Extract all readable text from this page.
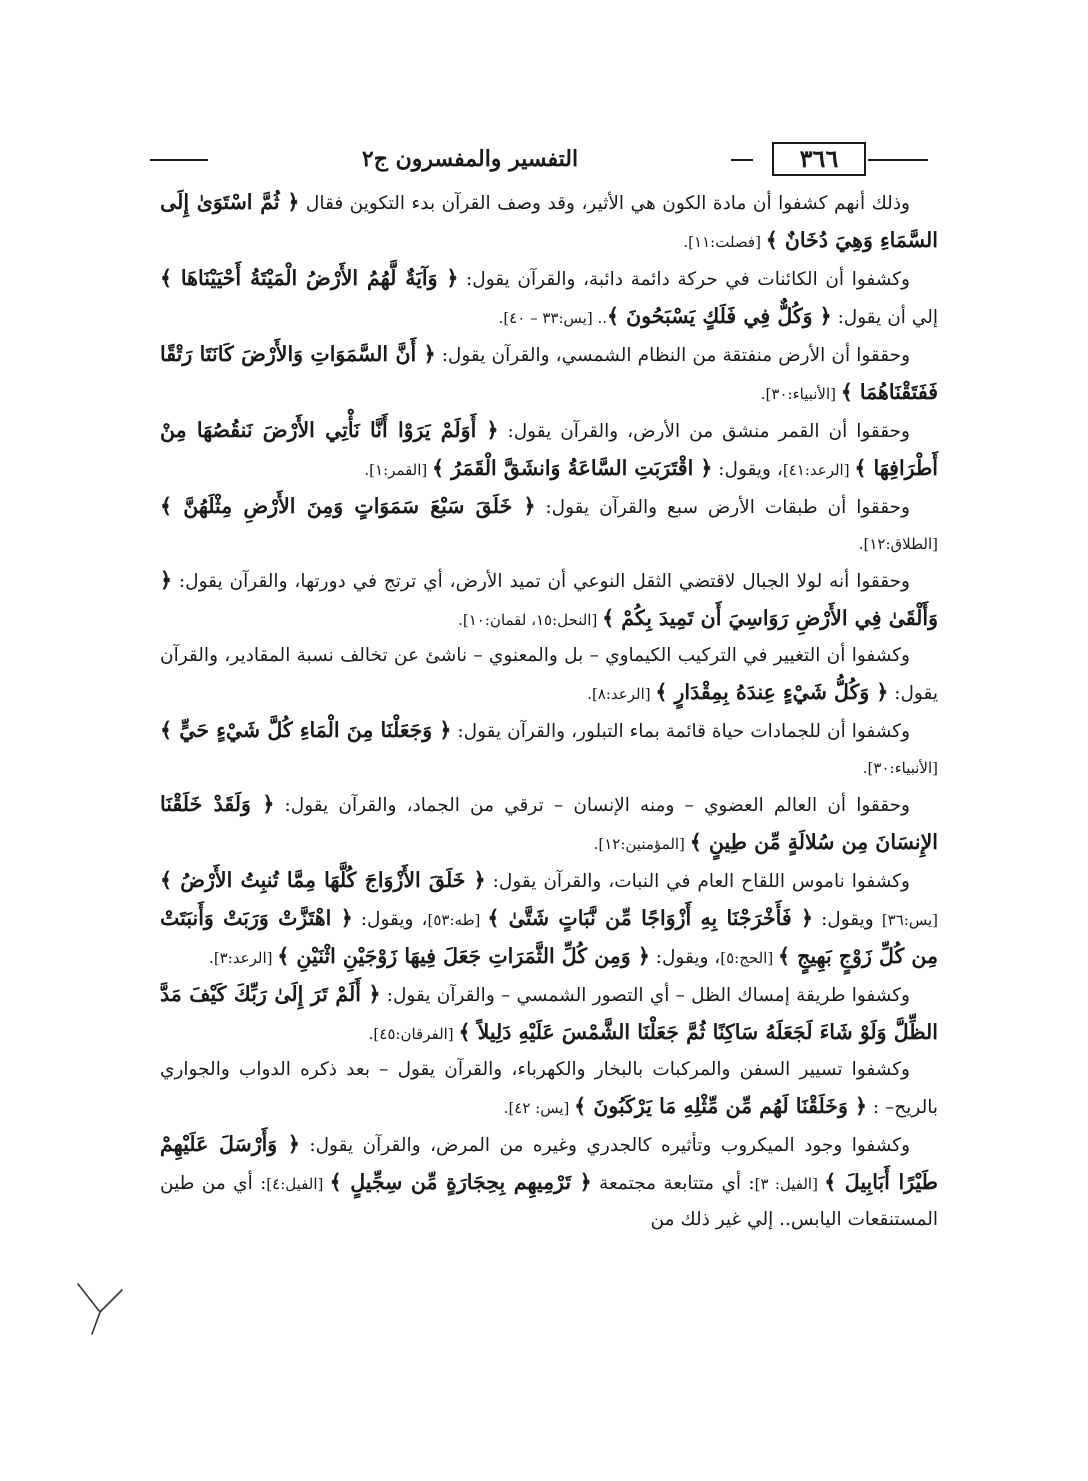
٣٦٦
التفسير والمفسرون ج٢

وذلك أنهم كشفوا أن مادة الكون هي الأثير، وقد وصف القرآن بدء التكوين فقال ﴿ ثُمَّ اسْتَوَىٰ إِلَى السَّمَاءِ وَهِيَ دُخَانٌ ﴾ [فصلت:١١].

وكشفوا أن الكائنات في حركة دائمة دائبة، والقرآن يقول: ﴿ وَآيَةٌ لَّهُمُ الأَرْضُ الْمَيْتَةُ أَحْيَيْنَاهَا ﴾إلي أن يقول: ﴿ وَكُلٌّ فِي فَلَكٍ يَسْبَحُونَ ﴾.. [يس:٣٣ – ٤٠].

وحققوا أن الأرض منفتقة من النظام الشمسي، والقرآن يقول: ﴿ أَنَّ السَّمَوَاتِ وَالأَرْضَ كَانَتَا رَتْقًا فَفَتَقْنَاهُمَا ﴾ [الأنبياء:٣٠].

وحققوا أن القمر منشق من الأرض، والقرآن يقول: ﴿ أَوَلَمْ يَرَوْا أَنَّا نَأْتِي الأَرْضَ نَنقُصُهَا مِنْ أَطْرَافِهَا ﴾ [الرعد:٤١]، ويقول: ﴿ اقْتَرَبَتِ السَّاعَةُ وَانشَقَّ الْقَمَرُ ﴾ [القمر:١].

وحققوا أن طبقات الأرض سبع والقرآن يقول: ﴿ خَلَقَ سَبْعَ سَمَوَاتٍ وَمِنَ الأَرْضِ مِثْلَهُنَّ ﴾ [الطلاق:١٢].

وحققوا أنه لولا الجبال لاقتضي الثقل النوعي أن تميد الأرض، أي ترتج في دورتها، والقرآن يقول: ﴿ وَأَلْقَىٰ فِي الأَرْضِ رَوَاسِيَ أَن تَمِيدَ بِكُمْ ﴾ [النحل:١٥، لقمان:١٠].

وكشفوا أن التغيير في التركيب الكيماوي – بل والمعنوي – ناشئ عن تخالف نسبة المقادير، والقرآن يقول: ﴿ وَكُلُّ شَيْءٍ عِندَهُ بِمِقْدَارٍ ﴾ [الرعد:٨].

وكشفوا أن للجمادات حياة قائمة بماء التبلور، والقرآن يقول: ﴿ وَجَعَلْنَا مِنَ الْمَاءِ كُلَّ شَيْءٍ حَيٍّ ﴾ [الأنبياء:٣٠].

وحققوا أن العالم العضوي – ومنه الإنسان – ترقي من الجماد، والقرآن يقول: ﴿ وَلَقَدْ خَلَقْنَا الإِنسَانَ مِن سُلالَةٍ مِّن طِينٍ ﴾ [المؤمنين:١٢].

وكشفوا ناموس اللقاح العام في النبات، والقرآن يقول: ﴿ خَلَقَ الأَزْوَاجَ كُلَّهَا مِمَّا تُنبِتُ الأَرْضُ ﴾ [يس:٣٦] ويقول: ﴿ فَأَخْرَجْنَا بِهِ أَزْوَاجًا مِّن نَّبَاتٍ شَتَّىٰ ﴾ [طه:٥٣]، ويقول: ﴿ اهْتَزَّتْ وَرَبَتْ وَأَنبَتَتْ مِن كُلِّ زَوْجٍ بَهِيجٍ ﴾ [الحج:٥]، ويقول: ﴿ وَمِن كُلِّ الثَّمَرَاتِ جَعَلَ فِيهَا زَوْجَيْنِ اثْنَيْنِ ﴾ [الرعد:٣].

وكشفوا طريقة إمساك الظل – أي التصور الشمسي – والقرآن يقول: ﴿ أَلَمْ تَرَ إِلَىٰ رَبِّكَ كَيْفَ مَدَّ الظِّلَّ وَلَوْ شَاءَ لَجَعَلَهُ سَاكِنًا ثُمَّ جَعَلْنَا الشَّمْسَ عَلَيْهِ دَلِيلاً ﴾ [الفرقان:٤٥].

وكشفوا تسيير السفن والمركبات بالبخار والكهرباء، والقرآن يقول – بعد ذكره الدواب والجواري بالريح– : ﴿ وَخَلَقْنَا لَهُم مِّن مِّثْلِهِ مَا يَرْكَبُونَ ﴾ [يس: ٤٢].

وكشفوا وجود الميكروب وتأثيره كالجدري وغيره من المرض، والقرآن يقول: ﴿ وَأَرْسَلَ عَلَيْهِمْ طَيْرًا أَبَابِيلَ ﴾ [الفيل: ٣]: أي متتابعة مجتمعة ﴿ تَرْمِيهِم بِحِجَارَةٍ مِّن سِجِّيلٍ ﴾ [الفيل:٤]: أي من طين المستنقعات اليابس.. إلي غير ذلك من
